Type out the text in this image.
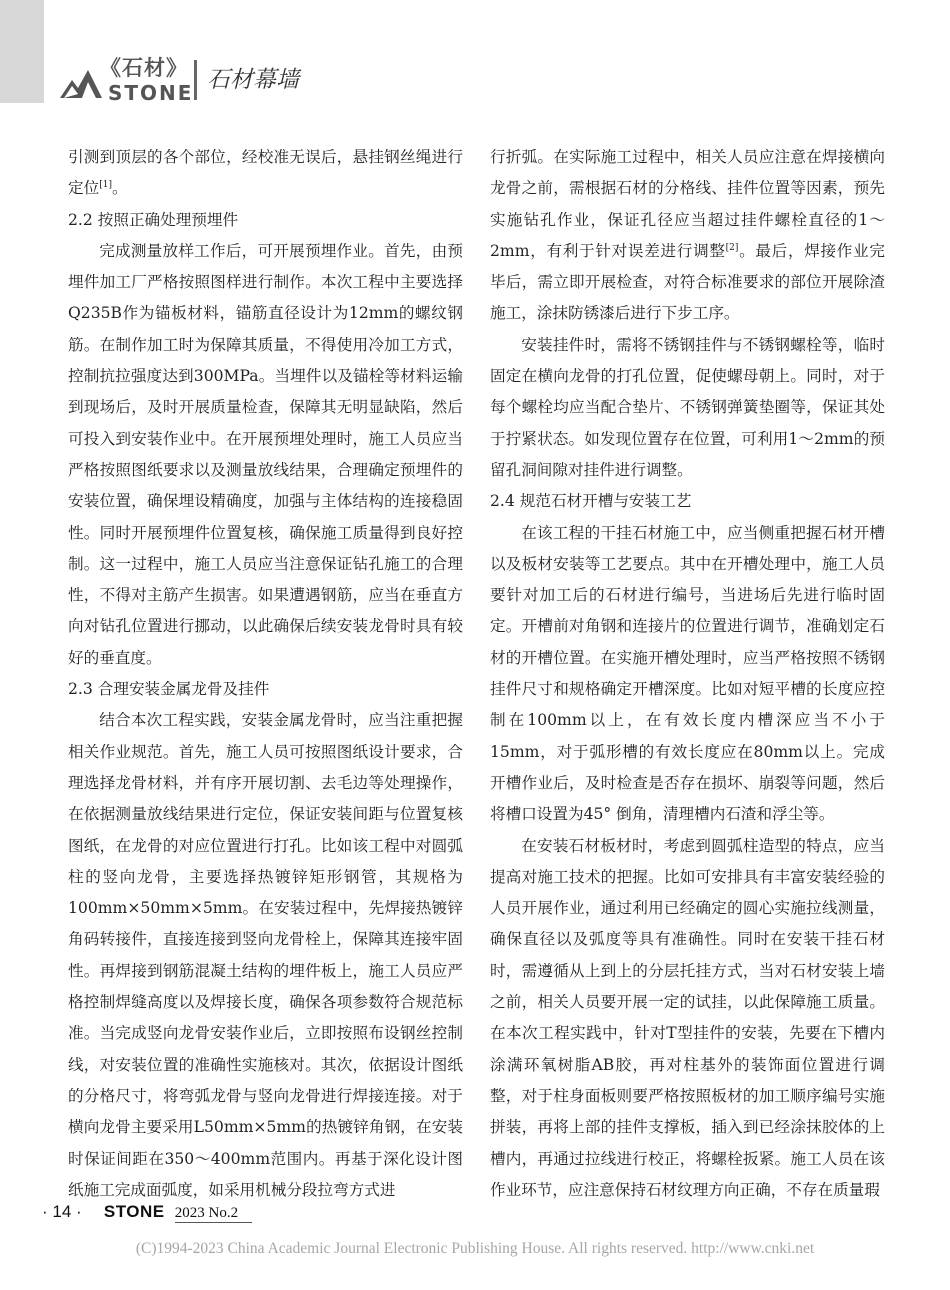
《石材》
STONE 石材幕墙

引测到顶层的各个部位，经校准无误后，悬挂钢丝绳进行定位[1]。

2.2 按照正确处理预埋件

完成测量放样工作后，可开展预埋作业。首先，由预埋件加工厂严格按照图样进行制作。本次工程中主要选择Q235B作为锚板材料，锚筋直径设计为12mm的螺纹钢筋。在制作加工时为保障其质量，不得使用冷加工方式，控制抗拉强度达到300MPa。当埋件以及锚栓等材料运输到现场后，及时开展质量检查，保障其无明显缺陷，然后可投入到安装作业中。在开展预埋处理时，施工人员应当严格按照图纸要求以及测量放线结果，合理确定预埋件的安装位置，确保埋设精确度，加强与主体结构的连接稳固性。同时开展预埋件位置复核，确保施工质量得到良好控制。这一过程中，施工人员应当注意保证钻孔施工的合理性，不得对主筋产生损害。如果遭遇钢筋，应当在垂直方向对钻孔位置进行挪动，以此确保后续安装龙骨时具有较好的垂直度。

2.3 合理安装金属龙骨及挂件

结合本次工程实践，安装金属龙骨时，应当注重把握相关作业规范。首先，施工人员可按照图纸设计要求，合理选择龙骨材料，并有序开展切割、去毛边等处理操作，在依据测量放线结果进行定位，保证安装间距与位置复核图纸，在龙骨的对应位置进行打孔。比如该工程中对圆弧柱的竖向龙骨，主要选择热镀锌矩形钢管，其规格为100mm×50mm×5mm。在安装过程中，先焊接热镀锌角码转接件，直接连接到竖向龙骨栓上，保障其连接牢固性。再焊接到钢筋混凝土结构的埋件板上，施工人员应严格控制焊缝高度以及焊接长度，确保各项参数符合规范标准。当完成竖向龙骨安装作业后，立即按照布设钢丝控制线，对安装位置的准确性实施核对。其次，依据设计图纸的分格尺寸，将弯弧龙骨与竖向龙骨进行焊接连接。对于横向龙骨主要采用L50mm×5mm的热镀锌角钢，在安装时保证间距在350～400mm范围内。再基于深化设计图纸施工完成面弧度，如采用机械分段拉弯方式进

行折弧。在实际施工过程中，相关人员应注意在焊接横向龙骨之前，需根据石材的分格线、挂件位置等因素，预先实施钻孔作业，保证孔径应当超过挂件螺栓直径的1～2mm，有利于针对误差进行调整[2]。最后，焊接作业完毕后，需立即开展检查，对符合标准要求的部位开展除渣施工，涂抹防锈漆后进行下步工序。

安装挂件时，需将不锈钢挂件与不锈钢螺栓等，临时固定在横向龙骨的打孔位置，促使螺母朝上。同时，对于每个螺栓均应当配合垫片、不锈钢弹簧垫圈等，保证其处于拧紧状态。如发现位置存在位置，可利用1～2mm的预留孔洞间隙对挂件进行调整。

2.4 规范石材开槽与安装工艺

在该工程的干挂石材施工中，应当侧重把握石材开槽以及板材安装等工艺要点。其中在开槽处理中，施工人员要针对加工后的石材进行编号，当进场后先进行临时固定。开槽前对角钢和连接片的位置进行调节，准确划定石材的开槽位置。在实施开槽处理时，应当严格按照不锈钢挂件尺寸和规格确定开槽深度。比如对短平槽的长度应控制在100mm以上，在有效长度内槽深应当不小于15mm，对于弧形槽的有效长度应在80mm以上。完成开槽作业后，及时检查是否存在损坏、崩裂等问题，然后将槽口设置为45° 倒角，清理槽内石渣和浮尘等。

在安装石材板材时，考虑到圆弧柱造型的特点，应当提高对施工技术的把握。比如可安排具有丰富安装经验的人员开展作业，通过利用已经确定的圆心实施拉线测量，确保直径以及弧度等具有准确性。同时在安装干挂石材时，需遵循从上到上的分层托挂方式，当对石材安装上墙之前，相关人员要开展一定的试挂，以此保障施工质量。在本次工程实践中，针对T型挂件的安装，先要在下槽内涂满环氧树脂AB胶，再对柱基外的装饰面位置进行调整，对于柱身面板则要严格按照板材的加工顺序编号实施拼装，再将上部的挂件支撑板，插入到已经涂抹胶体的上槽内，再通过拉线进行校正，将螺栓扳紧。施工人员在该作业环节，应注意保持石材纹理方向正确，不存在质量瑕

· 14 · STONE 2023 No.2
(C)1994-2023 China Academic Journal Electronic Publishing House. All rights reserved. http://www.cnki.net
